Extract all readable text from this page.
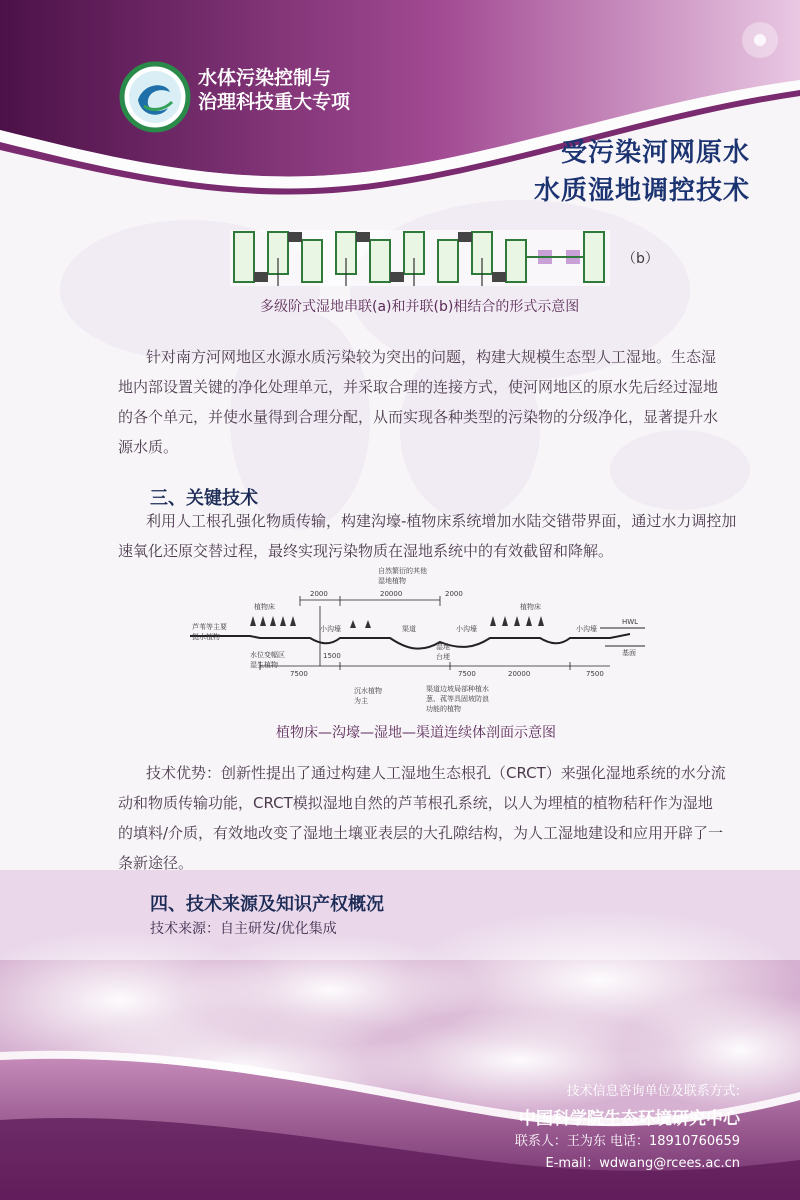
水体污染控制与
治理科技重大专项
受污染河网原水
水质湿地调控技术
（b）
多级阶式湿地串联(a)和并联(b)相结合的形式示意图
针对南方河网地区水源水质污染较为突出的问题，构建大规模生态型人工湿地。生态湿
地内部设置关键的净化处理单元，并采取合理的连接方式，使河网地区的原水先后经过湿地
的各个单元，并使水量得到合理分配，从而实现各种类型的污染物的分级净化，显著提升水
源水质。
三、关键技术
利用人工根孔强化物质传输，构建沟壕-植物床系统增加水陆交错带界面，通过水力调控加
速氧化还原交替过程，最终实现污染物质在湿地系统中的有效截留和降解。
自然繁衍的其他
湿地植物
2000	20000	2000
植物床	植物床
芦苇等主要
挺水植物
小沟壕	渠道	小沟壕	小沟壕
HWL
基面
水位变幅区
湿生植物
湿地
台埂
7500
1500
7500	20000	7500
沉水植物
为主
渠道边坡局部种植水
葱、菰等具固坡防浪
功能的植物
植物床—沟壕—湿地—渠道连续体剖面示意图
技术优势：创新性提出了通过构建人工湿地生态根孔（CRCT）来强化湿地系统的水分流
动和物质传输功能，CRCT模拟湿地自然的芦苇根孔系统，以人为埋植的植物秸秆作为湿地
的填料/介质，有效地改变了湿地土壤亚表层的大孔隙结构，为人工湿地建设和应用开辟了一
条新途径。
四、技术来源及知识产权概况
技术来源：自主研发/优化集成
技术信息咨询单位及联系方式:
中国科学院生态环境研究中心
联系人：王为东 电话：18910760659
E-mail：wdwang@rcees.ac.cn
